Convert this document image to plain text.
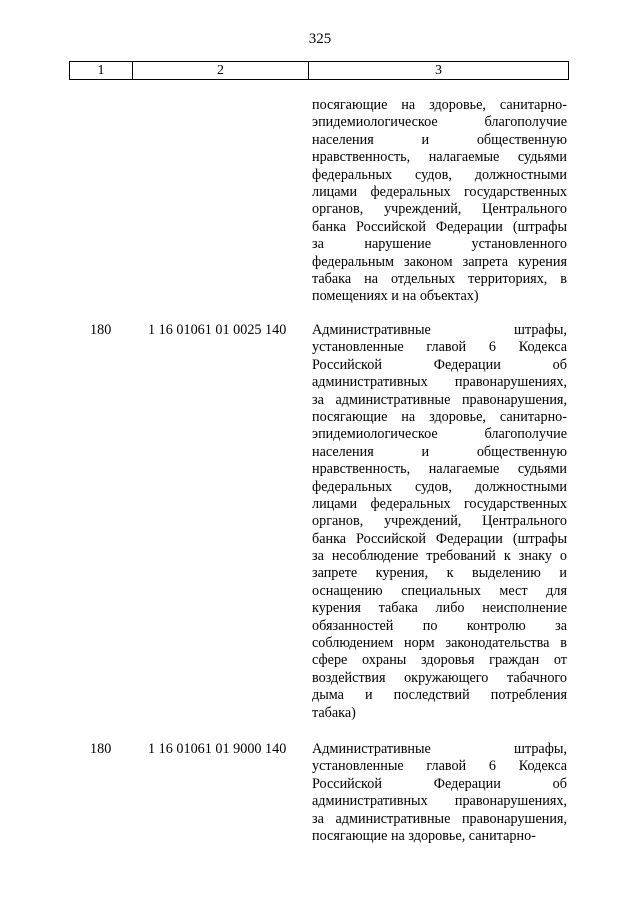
325
1	2	3
посягающие на здоровье, санитарно-
эпидемиологическое благополучие
населения и общественную
нравственность, налагаемые судьями
федеральных судов, должностными
лицами федеральных государственных
органов, учреждений, Центрального
банка Российской Федерации (штрафы
за нарушение установленного
федеральным законом запрета курения
табака на отдельных территориях, в
помещениях и на объектах)
180	1 16 01061 01 0025 140 Административные штрафы,
установленные главой 6 Кодекса
Российской Федерации об
административных правонарушениях,
за административные правонарушения,
посягающие на здоровье, санитарно-
эпидемиологическое благополучие
населения и общественную
нравственность, налагаемые судьями
федеральных судов, должностными
лицами федеральных государственных
органов, учреждений, Центрального
банка Российской Федерации (штрафы
за несоблюдение требований к знаку о
запрете курения, к выделению и
оснащению специальных мест для
курения табака либо неисполнение
обязанностей по контролю за
соблюдением норм законодательства в
сфере охраны здоровья граждан от
воздействия окружающего табачного
дыма и последствий потребления
табака)
180	1 16 01061 01 9000 140 Административные штрафы,
установленные главой 6 Кодекса
Российской Федерации об
административных правонарушениях,
за административные правонарушения,
посягающие на здоровье, санитарно-
